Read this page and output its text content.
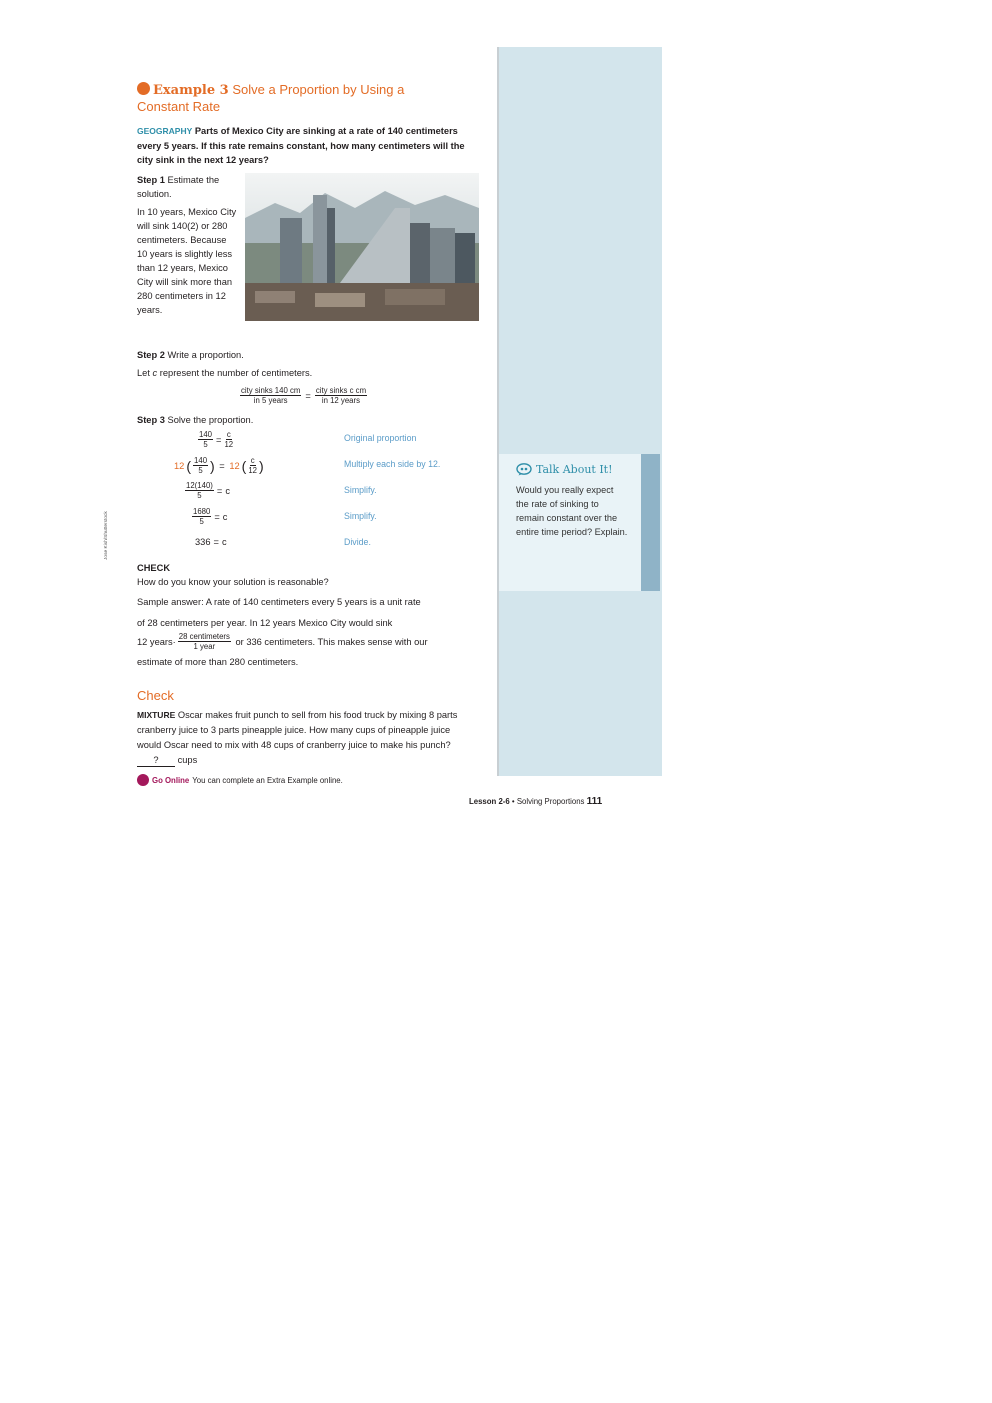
Jose Kish/Shutterstock
Talk About It!
Would you really expect the rate of sinking to remain constant over the entire time period? Explain.
Example 3 Solve a Proportion by Using a Constant Rate
GEOGRAPHY Parts of Mexico City are sinking at a rate of 140 centimeters every 5 years. If this rate remains constant, how many centimeters will the city sink in the next 12 years?

Step 1 Estimate the solution.

In 10 years, Mexico City will sink 140(2) or 280 centimeters. Because 10 years is slightly less than 12 years, Mexico City will sink more than 280 centimeters in 12 years.

Step 2 Write a proportion.
Let c represent the number of centimeters.
$\frac{\text{city sinks 140 cm}}{\text{in 5 years}} = \frac{\text{city sinks c cm}}{\text{in 12 years}}$
Step 3 Solve the proportion.
$\frac{140}{5} = \frac{c}{12}$	Original proportion
12 ( $\frac{140}{5}$ ) = 12 ( $\frac{c}{12}$ )	Multiply each side by 12.
$\frac{12(140)}{5} = c$	Simplify.
$\frac{1680}{5} = c$	Simplify.
336 = c	Divide.
CHECK
How do you know your solution is reasonable?
Sample answer: A rate of 140 centimeters every 5 years is a unit rate
of 28 centimeters per year. In 12 years Mexico City would sink
12 years· $\frac{\text{28 centimeters}}{\text{1 year}}$ or 336 centimeters. This makes sense with our
estimate of more than 280 centimeters.
Check
MIXTURE Oscar makes fruit punch to sell from his food truck by mixing 8 parts cranberry juice to 3 parts pineapple juice. How many cups of pineapple juice would Oscar need to mix with 48 cups of cranberry juice to make his punch? ? cups
Go Online You can complete an Extra Example online.
Lesson 2-6 • Solving Proportions 111
